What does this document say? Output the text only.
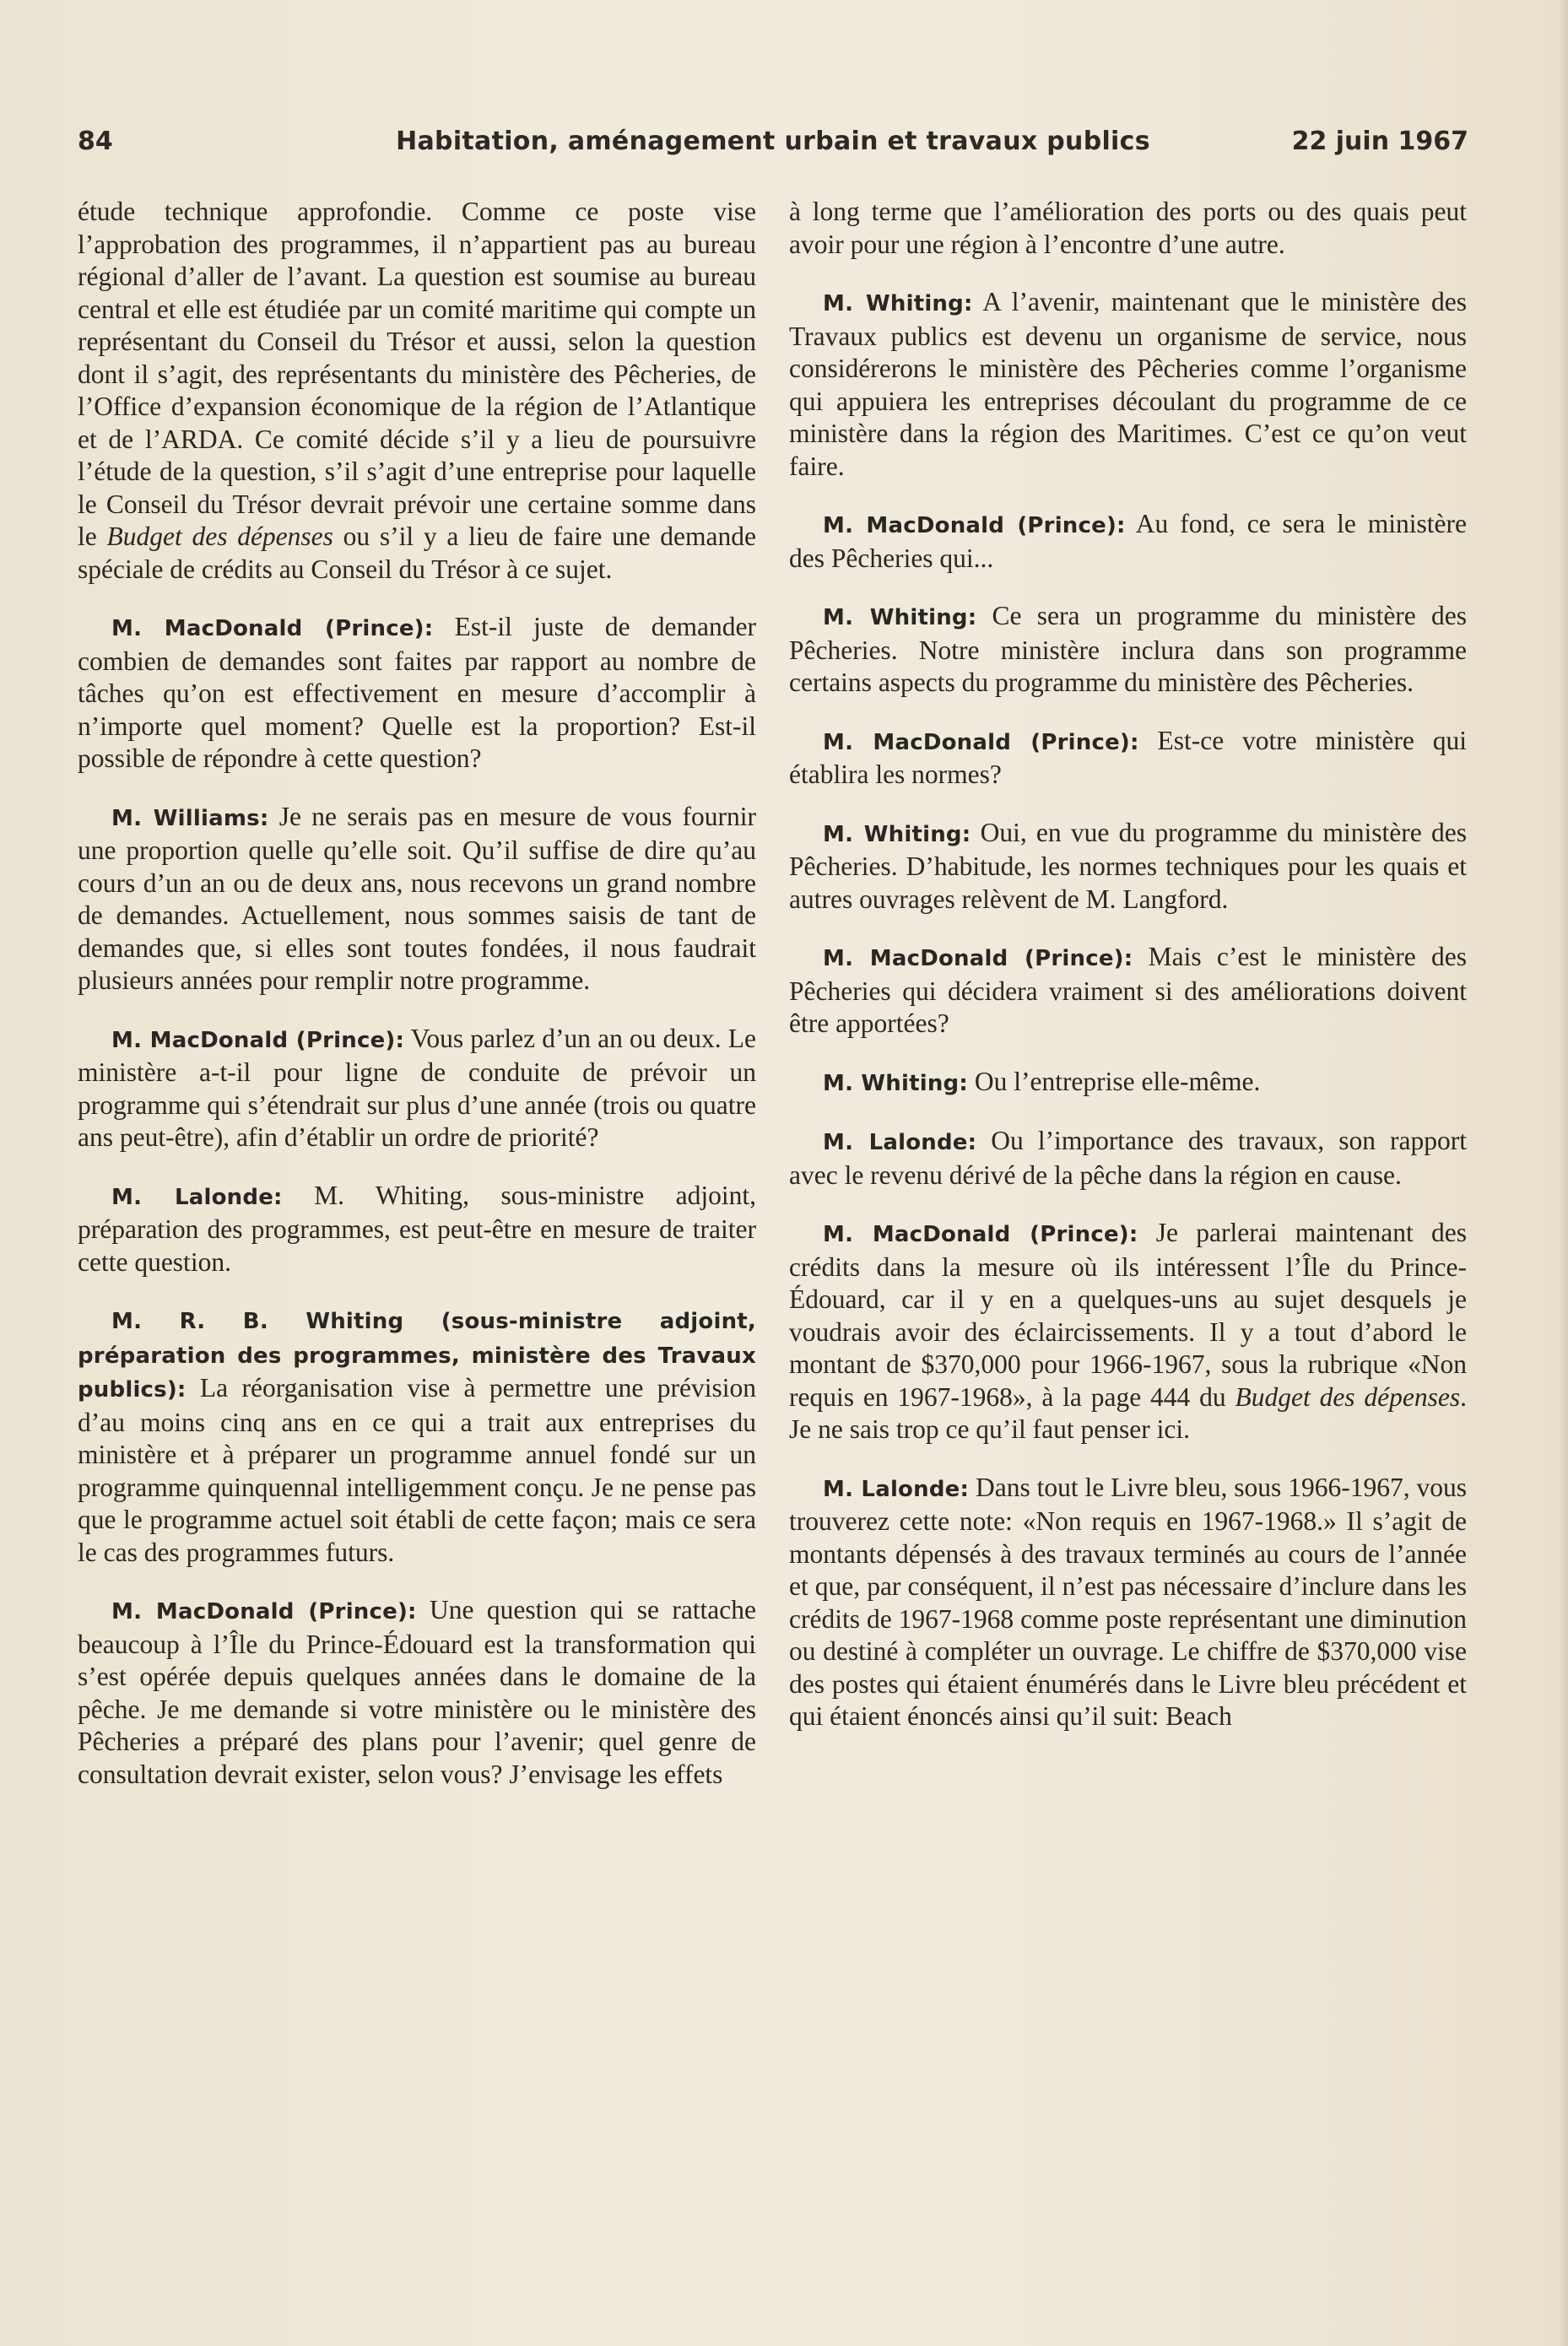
84	Habitation, aménagement urbain et travaux publics	22 juin 1967

étude technique approfondie. Comme ce poste vise l’approbation des programmes, il n’appartient pas au bureau régional d’aller de l’avant. La question est soumise au bureau central et elle est étudiée par un comité maritime qui compte un représentant du Conseil du Trésor et aussi, selon la question dont il s’agit, des représentants du ministère des Pêcheries, de l’Office d’expansion économique de la région de l’Atlantique et de l’ARDA. Ce comité décide s’il y a lieu de poursuivre l’étude de la question, s’il s’agit d’une entreprise pour laquelle le Conseil du Trésor devrait prévoir une certaine somme dans le Budget des dépenses ou s’il y a lieu de faire une demande spéciale de crédits au Conseil du Trésor à ce sujet.

M. MacDonald (Prince): Est-il juste de demander combien de demandes sont faites par rapport au nombre de tâches qu’on est effectivement en mesure d’accomplir à n’importe quel moment? Quelle est la proportion? Est-il possible de répondre à cette question?

M. Williams: Je ne serais pas en mesure de vous fournir une proportion quelle qu’elle soit. Qu’il suffise de dire qu’au cours d’un an ou de deux ans, nous recevons un grand nombre de demandes. Actuellement, nous sommes saisis de tant de demandes que, si elles sont toutes fondées, il nous faudrait plusieurs années pour remplir notre programme.

M. MacDonald (Prince): Vous parlez d’un an ou deux. Le ministère a-t-il pour ligne de conduite de prévoir un programme qui s’étendrait sur plus d’une année (trois ou quatre ans peut-être), afin d’établir un ordre de priorité?

M. Lalonde: M. Whiting, sous-ministre adjoint, préparation des programmes, est peut-être en mesure de traiter cette question.

M. R. B. Whiting (sous-ministre adjoint, préparation des programmes, ministère des Travaux publics): La réorganisation vise à permettre une prévision d’au moins cinq ans en ce qui a trait aux entreprises du ministère et à préparer un programme annuel fondé sur un programme quinquennal intelligemment conçu. Je ne pense pas que le programme actuel soit établi de cette façon; mais ce sera le cas des programmes futurs.

M. MacDonald (Prince): Une question qui se rattache beaucoup à l’Île du Prince-Édouard est la transformation qui s’est opérée depuis quelques années dans le domaine de la pêche. Je me demande si votre ministère ou le ministère des Pêcheries a préparé des plans pour l’avenir; quel genre de consultation devrait exister, selon vous? J’envisage les effets

à long terme que l’amélioration des ports ou des quais peut avoir pour une région à l’encontre d’une autre.

M. Whiting: A l’avenir, maintenant que le ministère des Travaux publics est devenu un organisme de service, nous considérerons le ministère des Pêcheries comme l’organisme qui appuiera les entreprises découlant du programme de ce ministère dans la région des Maritimes. C’est ce qu’on veut faire.

M. MacDonald (Prince): Au fond, ce sera le ministère des Pêcheries qui...

M. Whiting: Ce sera un programme du ministère des Pêcheries. Notre ministère inclura dans son programme certains aspects du programme du ministère des Pêcheries.

M. MacDonald (Prince): Est-ce votre ministère qui établira les normes?

M. Whiting: Oui, en vue du programme du ministère des Pêcheries. D’habitude, les normes techniques pour les quais et autres ouvrages relèvent de M. Langford.

M. MacDonald (Prince): Mais c’est le ministère des Pêcheries qui décidera vraiment si des améliorations doivent être apportées?

M. Whiting: Ou l’entreprise elle-même.

M. Lalonde: Ou l’importance des travaux, son rapport avec le revenu dérivé de la pêche dans la région en cause.

M. MacDonald (Prince): Je parlerai maintenant des crédits dans la mesure où ils intéressent l’Île du Prince-Édouard, car il y en a quelques-uns au sujet desquels je voudrais avoir des éclaircissements. Il y a tout d’abord le montant de $370,000 pour 1966-1967, sous la rubrique «Non requis en 1967-1968», à la page 444 du Budget des dépenses. Je ne sais trop ce qu’il faut penser ici.

M. Lalonde: Dans tout le Livre bleu, sous 1966-1967, vous trouverez cette note: «Non requis en 1967-1968.» Il s’agit de montants dépensés à des travaux terminés au cours de l’année et que, par conséquent, il n’est pas nécessaire d’inclure dans les crédits de 1967-1968 comme poste représentant une diminution ou destiné à compléter un ouvrage. Le chiffre de $370,000 vise des postes qui étaient énumérés dans le Livre bleu précédent et qui étaient énoncés ainsi qu’il suit: Beach
